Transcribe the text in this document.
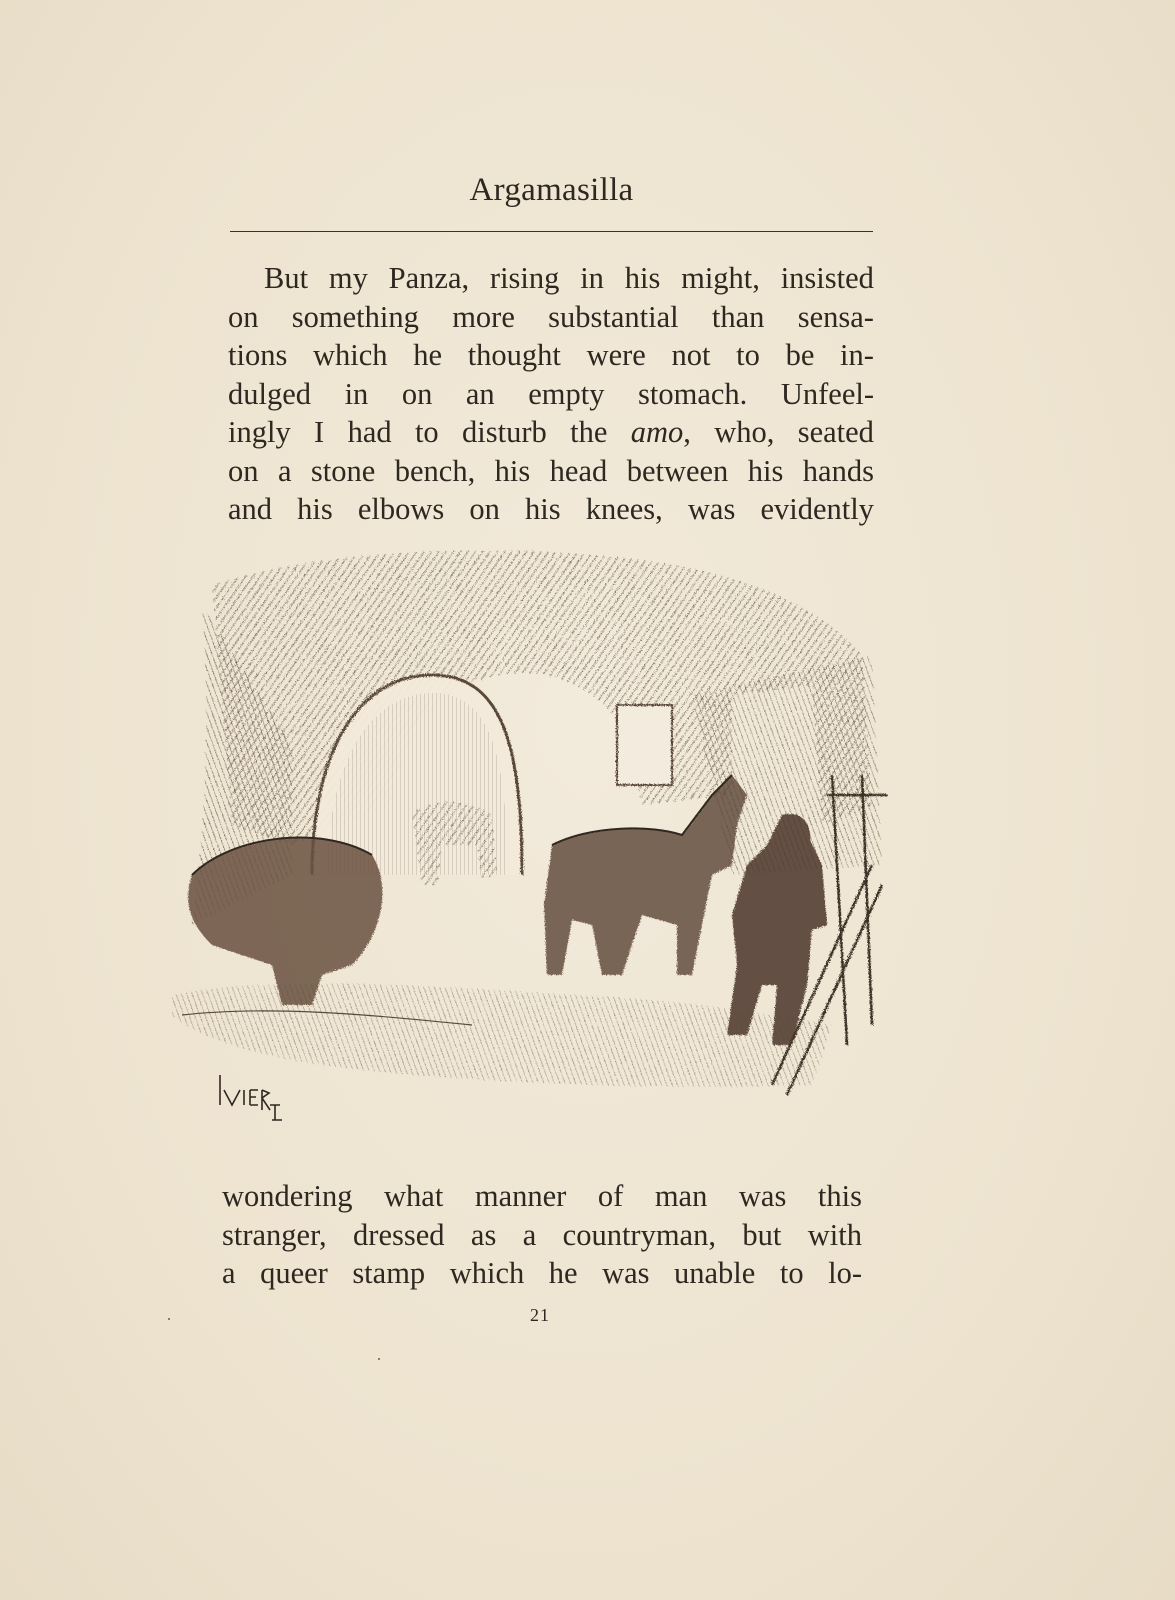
Argamasilla
But my Panza, rising in his might, insisted
on something more substantial than sensa-
tions which he thought were not to be in-
dulged in on an empty stomach. Unfeel-
ingly I had to disturb the amo, who, seated
on a stone bench, his head between his hands
and his elbows on his knees, was evidently
wondering what manner of man was this
stranger, dressed as a countryman, but with
a queer stamp which he was unable to lo-
21
